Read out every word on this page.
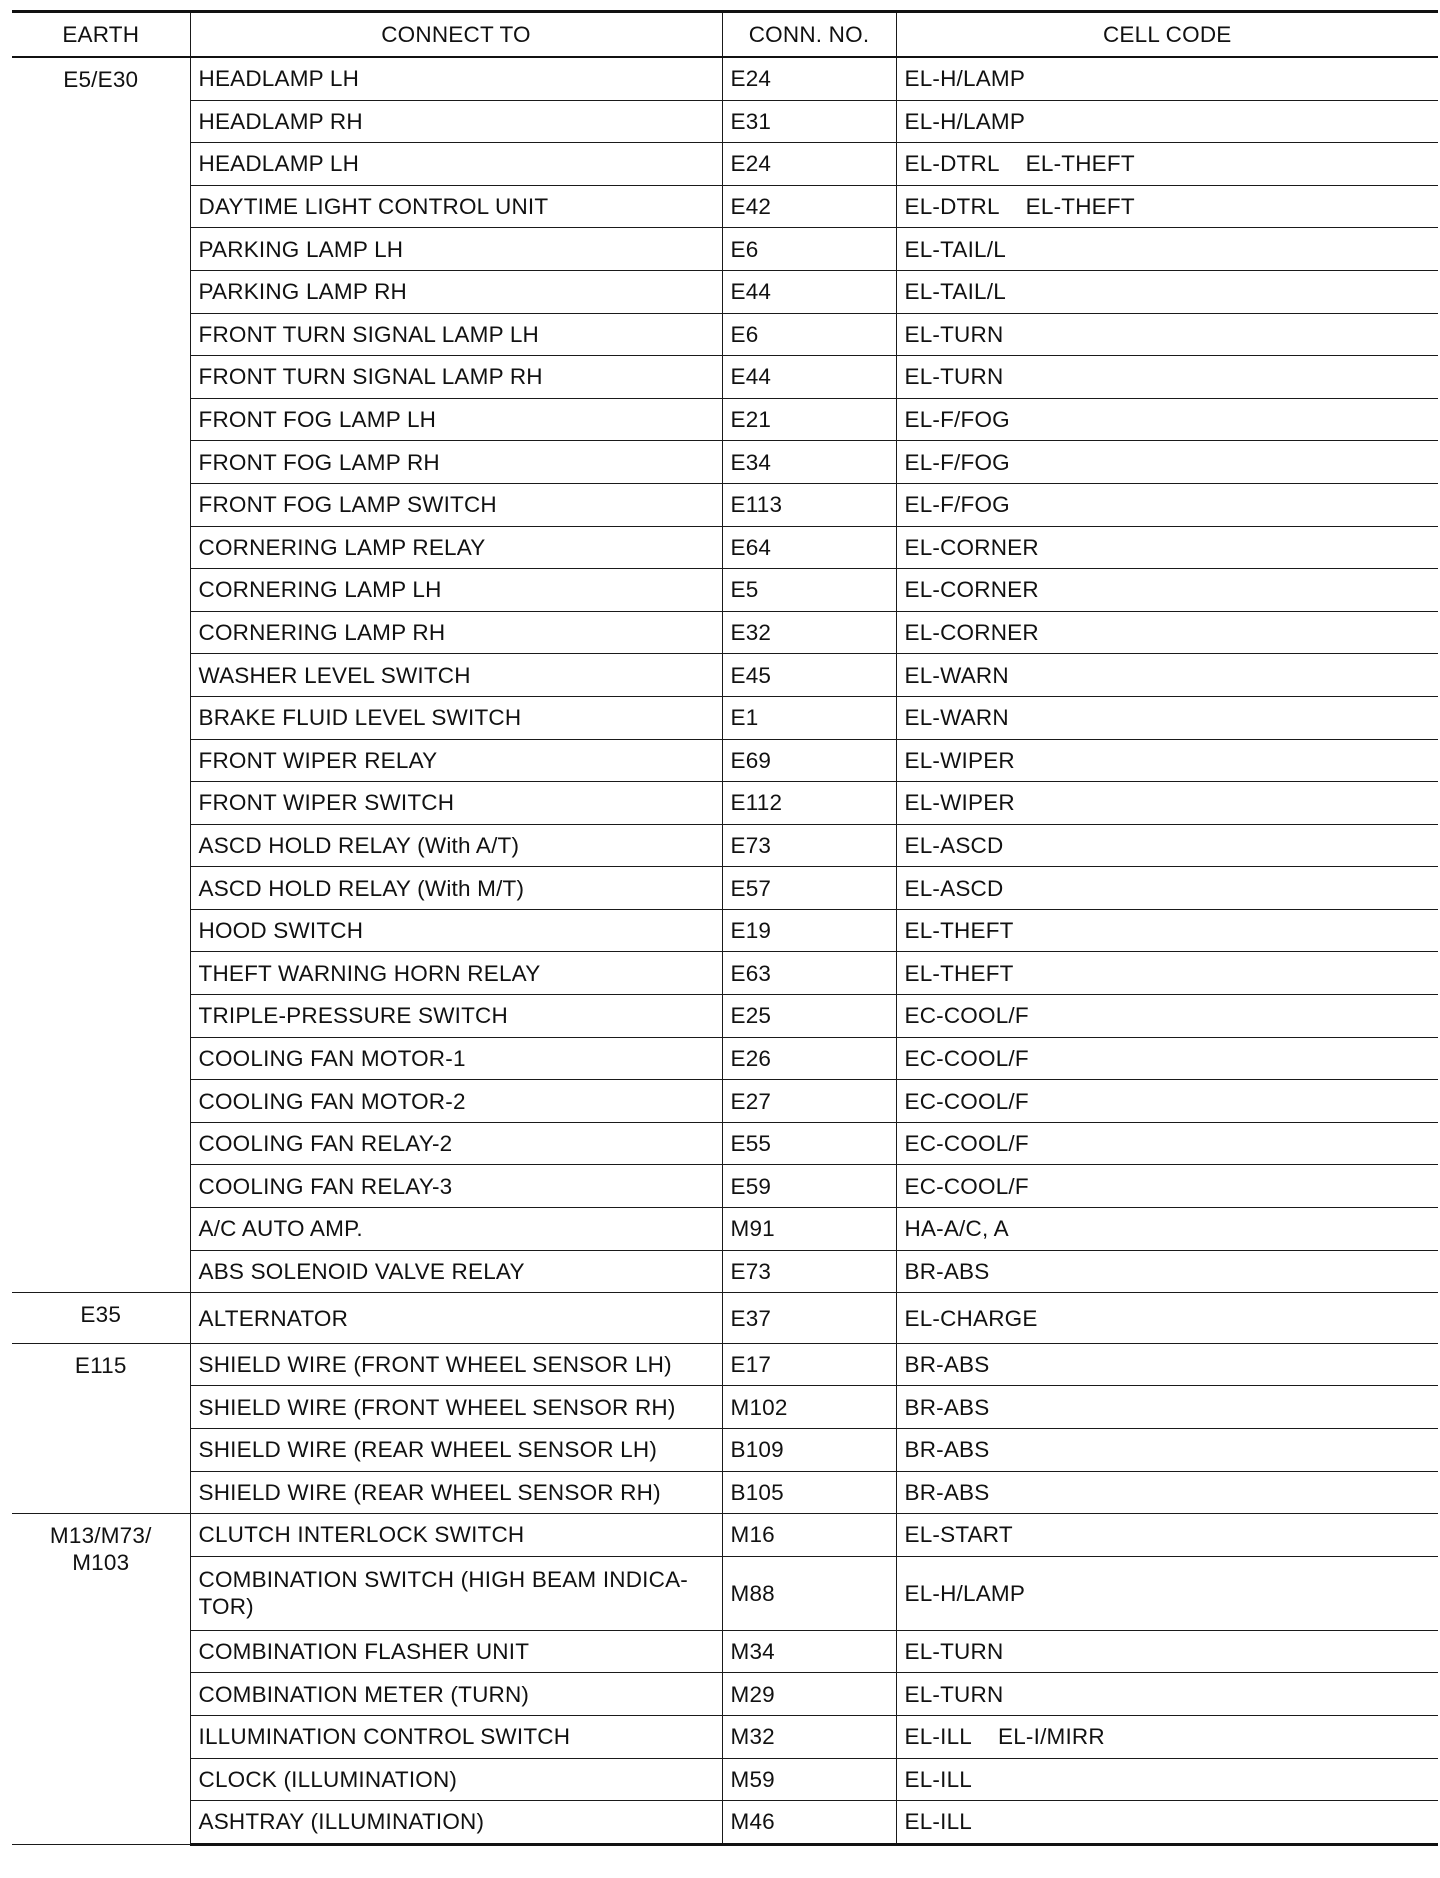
EARTH	CONNECT TO	CONN. NO.	CELL CODE
E5/E30	HEADLAMP LH	E24	EL-H/LAMP
	HEADLAMP RH	E31	EL-H/LAMP
	HEADLAMP LH	E24	EL-DTRL EL-THEFT
	DAYTIME LIGHT CONTROL UNIT	E42	EL-DTRL EL-THEFT
	PARKING LAMP LH	E6	EL-TAIL/L
	PARKING LAMP RH	E44	EL-TAIL/L
	FRONT TURN SIGNAL LAMP LH	E6	EL-TURN
	FRONT TURN SIGNAL LAMP RH	E44	EL-TURN
	FRONT FOG LAMP LH	E21	EL-F/FOG
	FRONT FOG LAMP RH	E34	EL-F/FOG
	FRONT FOG LAMP SWITCH	E113	EL-F/FOG
	CORNERING LAMP RELAY	E64	EL-CORNER
	CORNERING LAMP LH	E5	EL-CORNER
	CORNERING LAMP RH	E32	EL-CORNER
	WASHER LEVEL SWITCH	E45	EL-WARN
	BRAKE FLUID LEVEL SWITCH	E1	EL-WARN
	FRONT WIPER RELAY	E69	EL-WIPER
	FRONT WIPER SWITCH	E112	EL-WIPER
	ASCD HOLD RELAY (With A/T)	E73	EL-ASCD
	ASCD HOLD RELAY (With M/T)	E57	EL-ASCD
	HOOD SWITCH	E19	EL-THEFT
	THEFT WARNING HORN RELAY	E63	EL-THEFT
	TRIPLE-PRESSURE SWITCH	E25	EC-COOL/F
	COOLING FAN MOTOR-1	E26	EC-COOL/F
	COOLING FAN MOTOR-2	E27	EC-COOL/F
	COOLING FAN RELAY-2	E55	EC-COOL/F
	COOLING FAN RELAY-3	E59	EC-COOL/F
	A/C AUTO AMP.	M91	HA-A/C, A
	ABS SOLENOID VALVE RELAY	E73	BR-ABS
E35	ALTERNATOR	E37	EL-CHARGE
E115	SHIELD WIRE (FRONT WHEEL SENSOR LH)	E17	BR-ABS
	SHIELD WIRE (FRONT WHEEL SENSOR RH)	M102	BR-ABS
	SHIELD WIRE (REAR WHEEL SENSOR LH)	B109	BR-ABS
	SHIELD WIRE (REAR WHEEL SENSOR RH)	B105	BR-ABS
M13/M73/
M103	CLUTCH INTERLOCK SWITCH	M16	EL-START
	COMBINATION SWITCH (HIGH BEAM INDICA-
TOR)	M88	EL-H/LAMP
	COMBINATION FLASHER UNIT	M34	EL-TURN
	COMBINATION METER (TURN)	M29	EL-TURN
	ILLUMINATION CONTROL SWITCH	M32	EL-ILL EL-I/MIRR
	CLOCK (ILLUMINATION)	M59	EL-ILL
	ASHTRAY (ILLUMINATION)	M46	EL-ILL
